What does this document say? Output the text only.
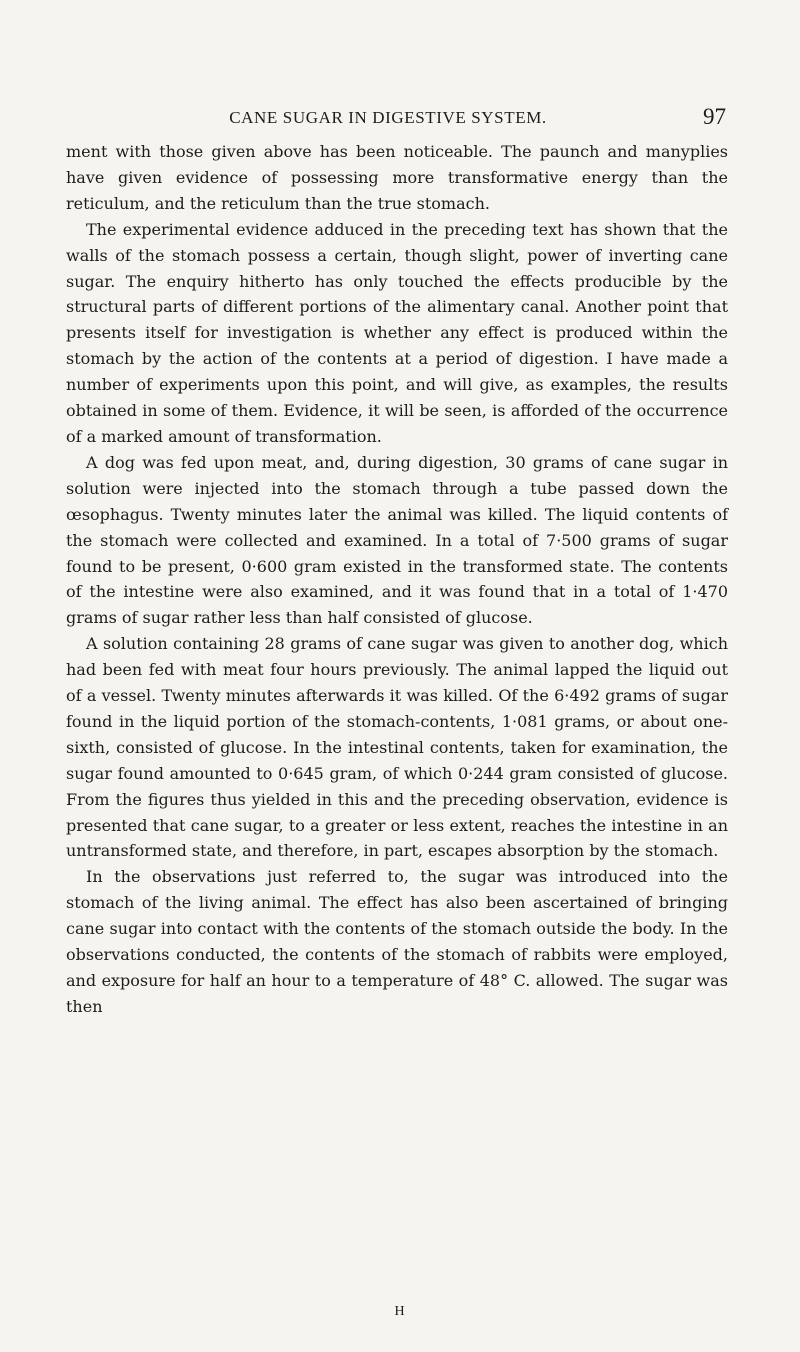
CANE SUGAR IN DIGESTIVE SYSTEM.	97

ment with those given above has been noticeable. The paunch and manyplies have given evidence of possessing more transformative energy than the reticulum, and the reticulum than the true stomach.

The experimental evidence adduced in the preceding text has shown that the walls of the stomach possess a certain, though slight, power of inverting cane sugar. The enquiry hitherto has only touched the effects producible by the structural parts of different portions of the alimentary canal. Another point that presents itself for investigation is whether any effect is produced within the stomach by the action of the contents at a period of digestion. I have made a number of experiments upon this point, and will give, as examples, the results obtained in some of them. Evidence, it will be seen, is afforded of the occurrence of a marked amount of transformation.

A dog was fed upon meat, and, during digestion, 30 grams of cane sugar in solution were injected into the stomach through a tube passed down the œsophagus. Twenty minutes later the animal was killed. The liquid contents of the stomach were collected and examined. In a total of 7·500 grams of sugar found to be present, 0·600 gram existed in the transformed state. The contents of the intestine were also examined, and it was found that in a total of 1·470 grams of sugar rather less than half consisted of glucose.

A solution containing 28 grams of cane sugar was given to another dog, which had been fed with meat four hours previously. The animal lapped the liquid out of a vessel. Twenty minutes afterwards it was killed. Of the 6·492 grams of sugar found in the liquid portion of the stomach-contents, 1·081 grams, or about one-sixth, consisted of glucose. In the intestinal contents, taken for examination, the sugar found amounted to 0·645 gram, of which 0·244 gram consisted of glucose. From the figures thus yielded in this and the preceding observation, evidence is presented that cane sugar, to a greater or less extent, reaches the intestine in an untransformed state, and therefore, in part, escapes absorption by the stomach.

In the observations just referred to, the sugar was introduced into the stomach of the living animal. The effect has also been ascertained of bringing cane sugar into contact with the contents of the stomach outside the body. In the observations conducted, the contents of the stomach of rabbits were employed, and exposure for half an hour to a temperature of 48° C. allowed. The sugar was then

H
